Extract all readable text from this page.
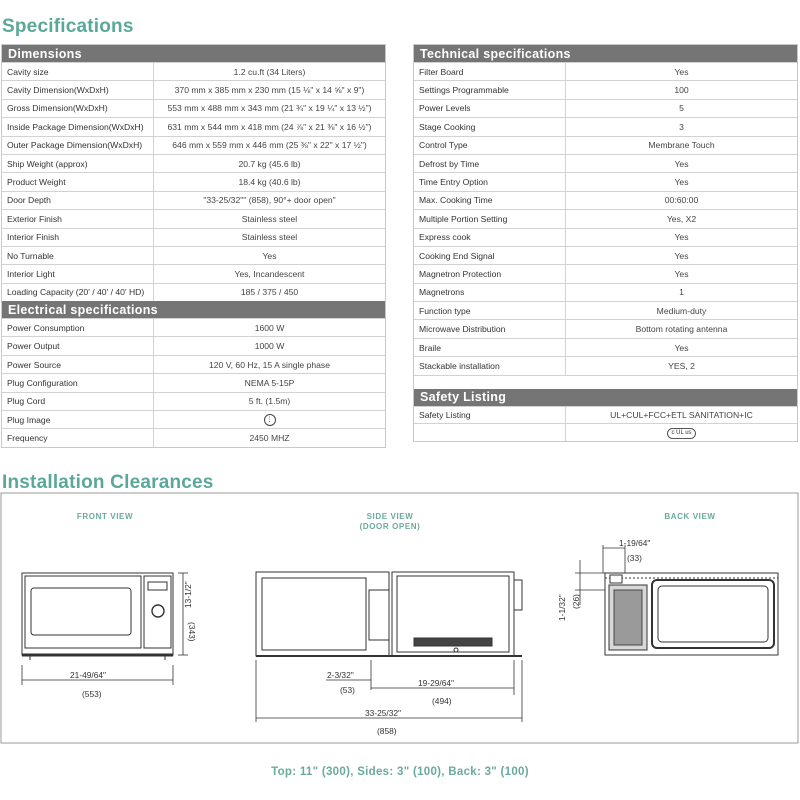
Specifications
Dimensions
Cavity size	1.2 cu.ft (34 Liters)
Cavity Dimension(WxDxH)	370 mm x 385 mm x 230 mm (15 ⅛" x 14 ⅝" x 9")
Gross Dimension(WxDxH)	553 mm x 488 mm x 343 mm (21 ¾" x 19 ¼" x 13 ½")
Inside Package Dimension(WxDxH)	631 mm x 544 mm x 418 mm (24 ⅞" x 21 ⅜" x 16 ½")
Outer Package Dimension(WxDxH)	646 mm x 559 mm x 446 mm (25 ⅜" x 22" x 17 ½")
Ship Weight (approx)	20.7 kg (45.6 lb)
Product Weight	18.4 kg (40.6 lb)
Door Depth	"33-25/32"" (858), 90°+ door open"
Exterior Finish	Stainless steel
Interior Finish	Stainless steel
No Turnable	Yes
Interior Light	Yes, Incandescent
Loading Capacity (20' / 40' / 40' HD)	185 / 375 / 450
Electrical specifications
Power Consumption	1600 W
Power Output	1000 W
Power Source	120 V, 60 Hz, 15 A single phase
Plug Configuration	NEMA 5-15P
Plug Cord	5 ft. (1.5m)
Plug Image	⋮
Frequency	2450 MHZ
Technical specifications
Filter Board	Yes
Settings Programmable	100
Power Levels	5
Stage Cooking	3
Control Type	Membrane Touch
Defrost by Time	Yes
Time Entry Option	Yes
Max. Cooking Time	00:60:00
Multiple Portion Setting	Yes, X2
Express cook	Yes
Cooking End Signal	Yes
Magnetron Protection	Yes
Magnetrons	1
Function type	Medium-duty
Microwave Distribution	Bottom rotating antenna
Braile	Yes
Stackable installation	YES, 2
Safety Listing
Safety Listing	UL+CUL+FCC+ETL SANITATION+IC
c UL us
Installation Clearances
FRONT VIEW	SIDE VIEW
(DOOR OPEN)
BACK VIEW
13-1/2"
(343)
21-49/64"
(553)
2-3/32"
(53)
19-29/64"
(494)
33-25/32"
(858)
1-19/64"
(33)
1-1/32" (26)
Top: 11" (300), Sides: 3" (100), Back: 3" (100)
